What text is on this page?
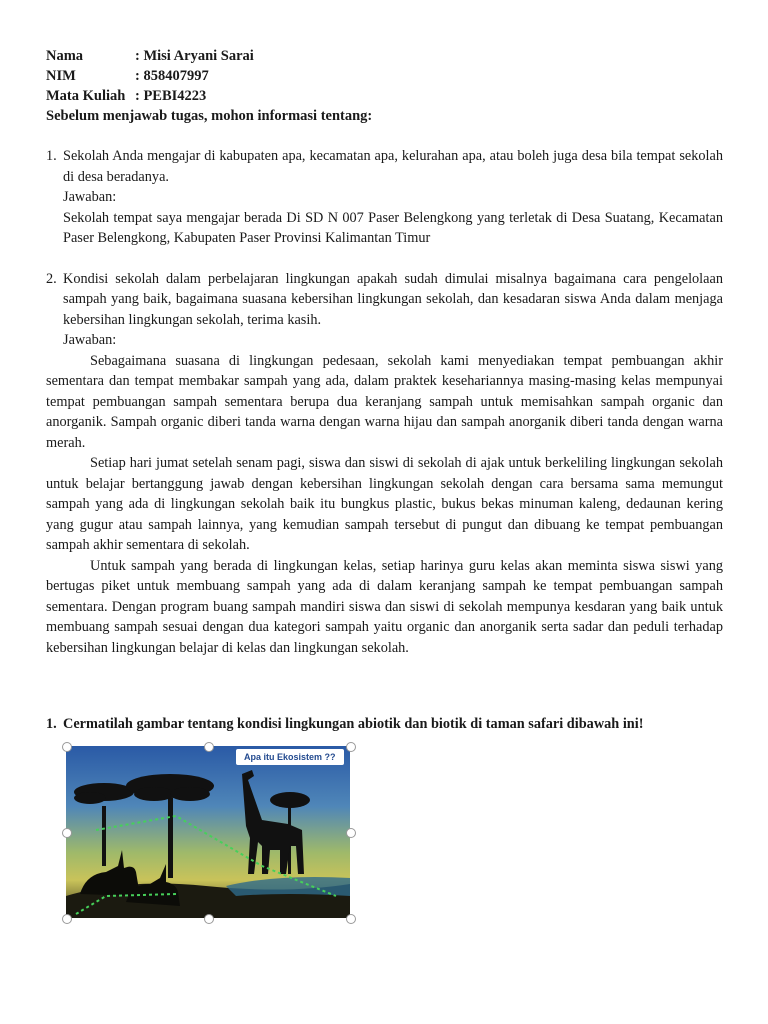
Nama	: Misi Aryani Sarai
NIM	: 858407997
Mata Kuliah : PEBI4223
Sebelum menjawab tugas, mohon informasi tentang:
1. Sekolah Anda mengajar di kabupaten apa, kecamatan apa, kelurahan apa, atau boleh juga desa bila tempat sekolah di desa beradanya.

Jawaban:

Sekolah tempat saya mengajar berada Di SD N 007 Paser Belengkong yang terletak di Desa Suatang, Kecamatan Paser Belengkong, Kabupaten Paser Provinsi Kalimantan Timur

2. Kondisi sekolah dalam perbelajaran lingkungan apakah sudah dimulai misalnya bagaimana cara pengelolaan sampah yang baik, bagaimana suasana kebersihan lingkungan sekolah, dan kesadaran siswa Anda dalam menjaga kebersihan lingkungan sekolah, terima kasih.

Jawaban:

Sebagaimana suasana di lingkungan pedesaan, sekolah kami menyediakan tempat pembuangan akhir sementara dan tempat membakar sampah yang ada, dalam praktek kesehariannya masing-masing kelas mempunyai tempat pembuangan sampah sementara berupa dua keranjang sampah untuk memisahkan sampah organic dan anorganik. Sampah organic diberi tanda warna dengan warna hijau dan sampah anorganik diberi tanda dengan warna merah.

Setiap hari jumat setelah senam pagi, siswa dan siswi di sekolah di ajak untuk berkeliling lingkungan sekolah untuk belajar bertanggung jawab dengan kebersihan lingkungan sekolah dengan cara bersama sama memungut sampah yang ada di lingkungan sekolah baik itu bungkus plastic, bukus bekas minuman kaleng, dedaunan kering yang gugur atau sampah lainnya, yang kemudian sampah tersebut di pungut dan dibuang ke tempat pembuangan sampah akhir sementara di sekolah.

Untuk sampah yang berada di lingkungan kelas, setiap harinya guru kelas akan meminta siswa siswi yang bertugas piket untuk membuang sampah yang ada di dalam keranjang sampah ke tempat pembuangan sampah sementara. Dengan program buang sampah mandiri siswa dan siswi di sekolah mempunya kesdaran yang baik untuk membuang sampah sesuai dengan dua kategori sampah yaitu organic dan anorganik serta sadar dan peduli terhadap kebersihan lingkungan belajar di kelas dan lingkungan sekolah.

1. Cermatilah gambar tentang kondisi lingkungan abiotik dan biotik di taman safari dibawah ini!
Apa itu Ekosistem ??
